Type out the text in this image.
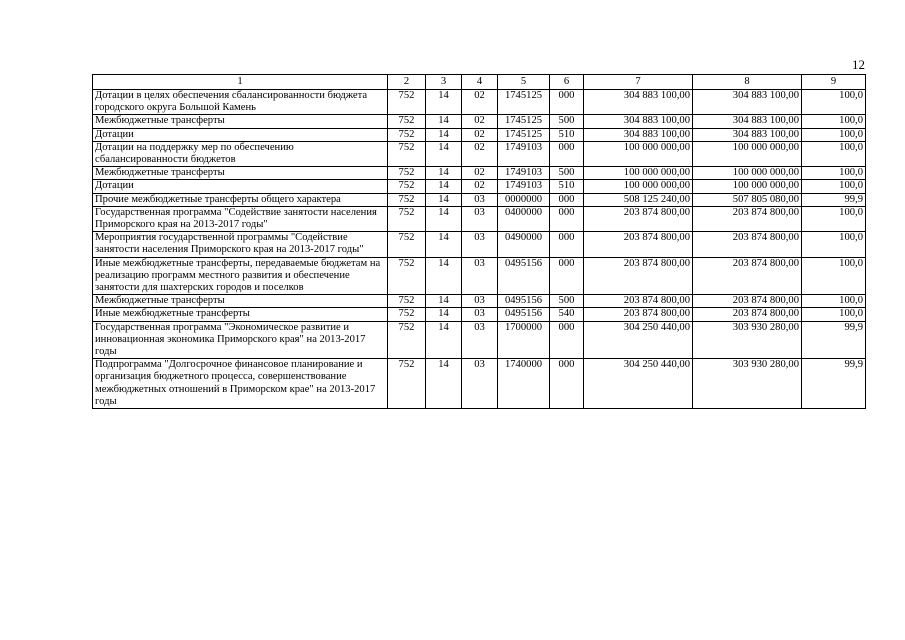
12
1	2	3	4	5	6	7	8	9
Дотации в целях обеспечения сбалансированности бюджета городского округа Большой Камень	752	14	02	1745125	000	304 883 100,00	304 883 100,00	100,0
Межбюджетные трансферты	752	14	02	1745125	500	304 883 100,00	304 883 100,00	100,0
Дотации	752	14	02	1745125	510	304 883 100,00	304 883 100,00	100,0
Дотации на поддержку мер по обеспечению сбалансированности бюджетов	752	14	02	1749103	000	100 000 000,00	100 000 000,00	100,0
Межбюджетные трансферты	752	14	02	1749103	500	100 000 000,00	100 000 000,00	100,0
Дотации	752	14	02	1749103	510	100 000 000,00	100 000 000,00	100,0
Прочие межбюджетные трансферты общего характера	752	14	03	0000000	000	508 125 240,00	507 805 080,00	99,9
Государственная программа "Содействие занятости населения Приморского края на 2013-2017 годы"	752	14	03	0400000	000	203 874 800,00	203 874 800,00	100,0
Мероприятия государственной программы "Содействие занятости населения Приморского края на 2013-2017 годы"	752	14	03	0490000	000	203 874 800,00	203 874 800,00	100,0
Иные межбюджетные трансферты, передаваемые бюджетам на реализацию программ местного развития и обеспечение занятости для шахтерских городов и поселков	752	14	03	0495156	000	203 874 800,00	203 874 800,00	100,0
Межбюджетные трансферты	752	14	03	0495156	500	203 874 800,00	203 874 800,00	100,0
Иные межбюджетные трансферты	752	14	03	0495156	540	203 874 800,00	203 874 800,00	100,0
Государственная программа "Экономическое развитие и инновационная экономика Приморского края" на 2013-2017 годы	752	14	03	1700000	000	304 250 440,00	303 930 280,00	99,9
Подпрограмма "Долгосрочное финансовое планирование и организация бюджетного процесса, совершенствование межбюджетных отношений в Приморском крае" на 2013-2017 годы	752	14	03	1740000	000	304 250 440,00	303 930 280,00	99,9
